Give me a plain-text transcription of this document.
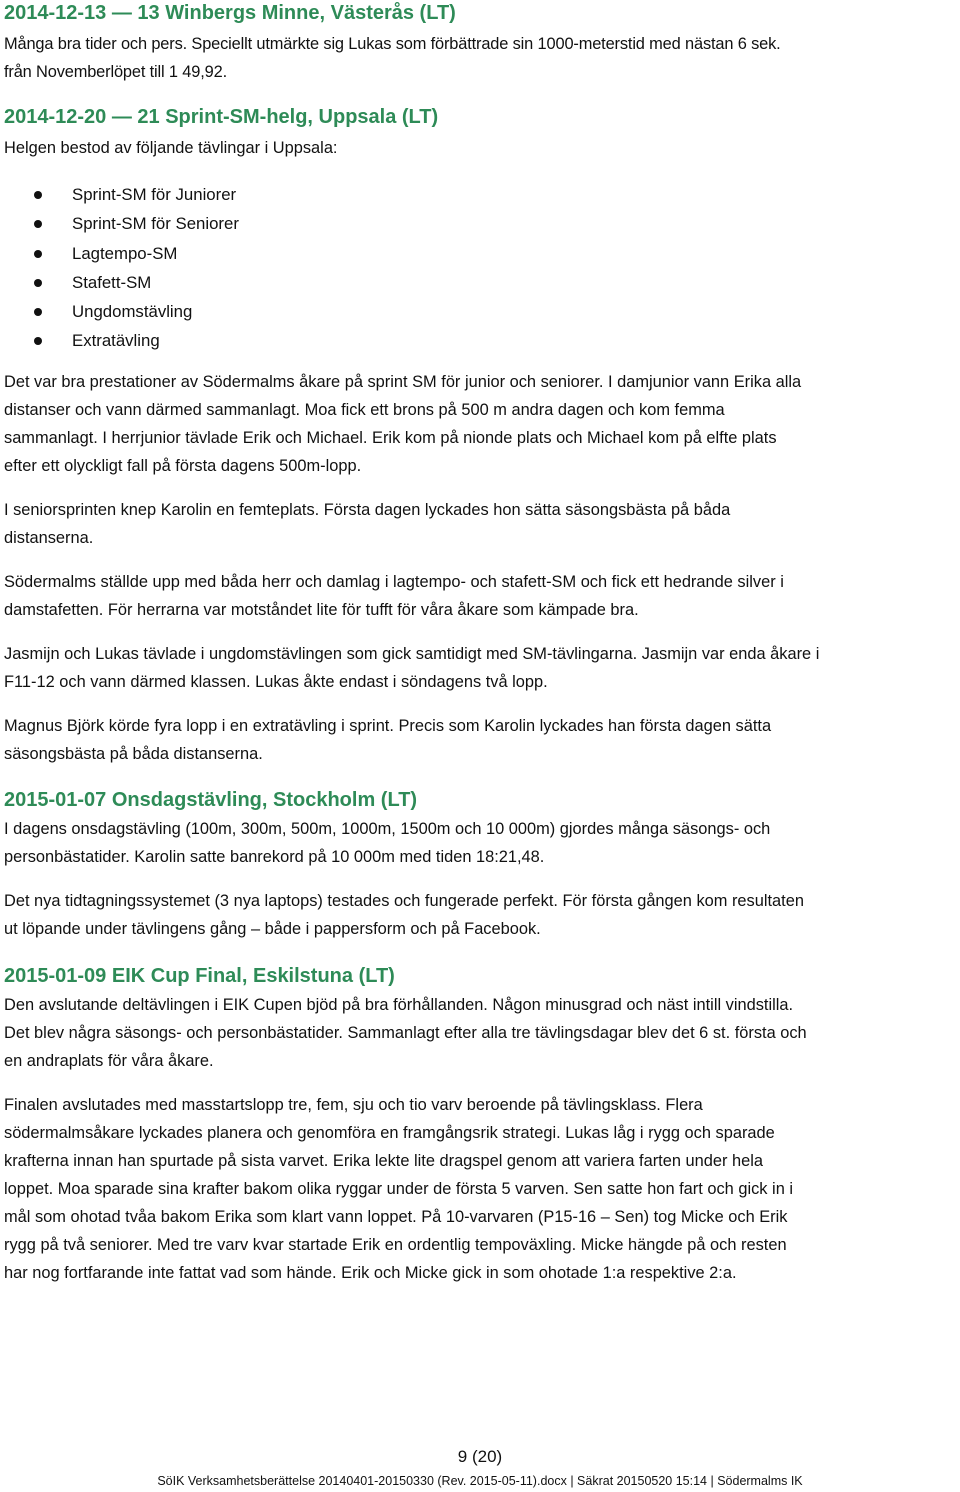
2014-12-13 — 13 Winbergs Minne, Västerås (LT)

Många bra tider och pers. Speciellt utmärkte sig Lukas som förbättrade sin 1000-meterstid med nästan 6 sek.
från Novemberlöpet till 1 49,92.

2014-12-20 — 21 Sprint-SM-helg, Uppsala (LT)

Helgen bestod av följande tävlingar i Uppsala:

Sprint-SM för Juniorer
Sprint-SM för Seniorer
Lagtempo-SM
Stafett-SM
Ungdomstävling
Extratävling

Det var bra prestationer av Södermalms åkare på sprint SM för junior och seniorer. I damjunior vann Erika alla
distanser och vann därmed sammanlagt. Moa fick ett brons på 500 m andra dagen och kom femma
sammanlagt. I herrjunior tävlade Erik och Michael. Erik kom på nionde plats och Michael kom på elfte plats
efter ett olyckligt fall på första dagens 500m-lopp.

I seniorsprinten knep Karolin en femteplats. Första dagen lyckades hon sätta säsongsbästa på båda
distanserna.

Södermalms ställde upp med båda herr och damlag i lagtempo- och stafett-SM och fick ett hedrande silver i
damstafetten. För herrarna var motståndet lite för tufft för våra åkare som kämpade bra.

Jasmijn och Lukas tävlade i ungdomstävlingen som gick samtidigt med SM-tävlingarna. Jasmijn var enda åkare i
F11-12 och vann därmed klassen. Lukas åkte endast i söndagens två lopp.

Magnus Björk körde fyra lopp i en extratävling i sprint. Precis som Karolin lyckades han första dagen sätta
säsongsbästa på båda distanserna.

2015-01-07 Onsdagstävling, Stockholm (LT)

I dagens onsdagstävling (100m, 300m, 500m, 1000m, 1500m och 10 000m) gjordes många säsongs- och
personbästatider. Karolin satte banrekord på 10 000m med tiden 18:21,48.

Det nya tidtagningssystemet (3 nya laptops) testades och fungerade perfekt. För första gången kom resultaten
ut löpande under tävlingens gång – både i pappersform och på Facebook.

2015-01-09 EIK Cup Final, Eskilstuna (LT)

Den avslutande deltävlingen i EIK Cupen bjöd på bra förhållanden. Någon minusgrad och näst intill vindstilla.
Det blev några säsongs- och personbästatider. Sammanlagt efter alla tre tävlingsdagar blev det 6 st. första och
en andraplats för våra åkare.

Finalen avslutades med masstartslopp tre, fem, sju och tio varv beroende på tävlingsklass. Flera
södermalmsåkare lyckades planera och genomföra en framgångsrik strategi. Lukas låg i rygg och sparade
krafterna innan han spurtade på sista varvet. Erika lekte lite dragspel genom att variera farten under hela
loppet. Moa sparade sina krafter bakom olika ryggar under de första 5 varven. Sen satte hon fart och gick in i
mål som ohotad tvåa bakom Erika som klart vann loppet. På 10-varvaren (P15-16 – Sen) tog Micke och Erik
rygg på två seniorer. Med tre varv kvar startade Erik en ordentlig tempoväxling. Micke hängde på och resten
har nog fortfarande inte fattat vad som hände. Erik och Micke gick in som ohotade 1:a respektive 2:a.

9 (20)
SöIK Verksamhetsberättelse 20140401-20150330 (Rev. 2015-05-11).docx | Säkrat 20150520 15:14 | Södermalms IK
